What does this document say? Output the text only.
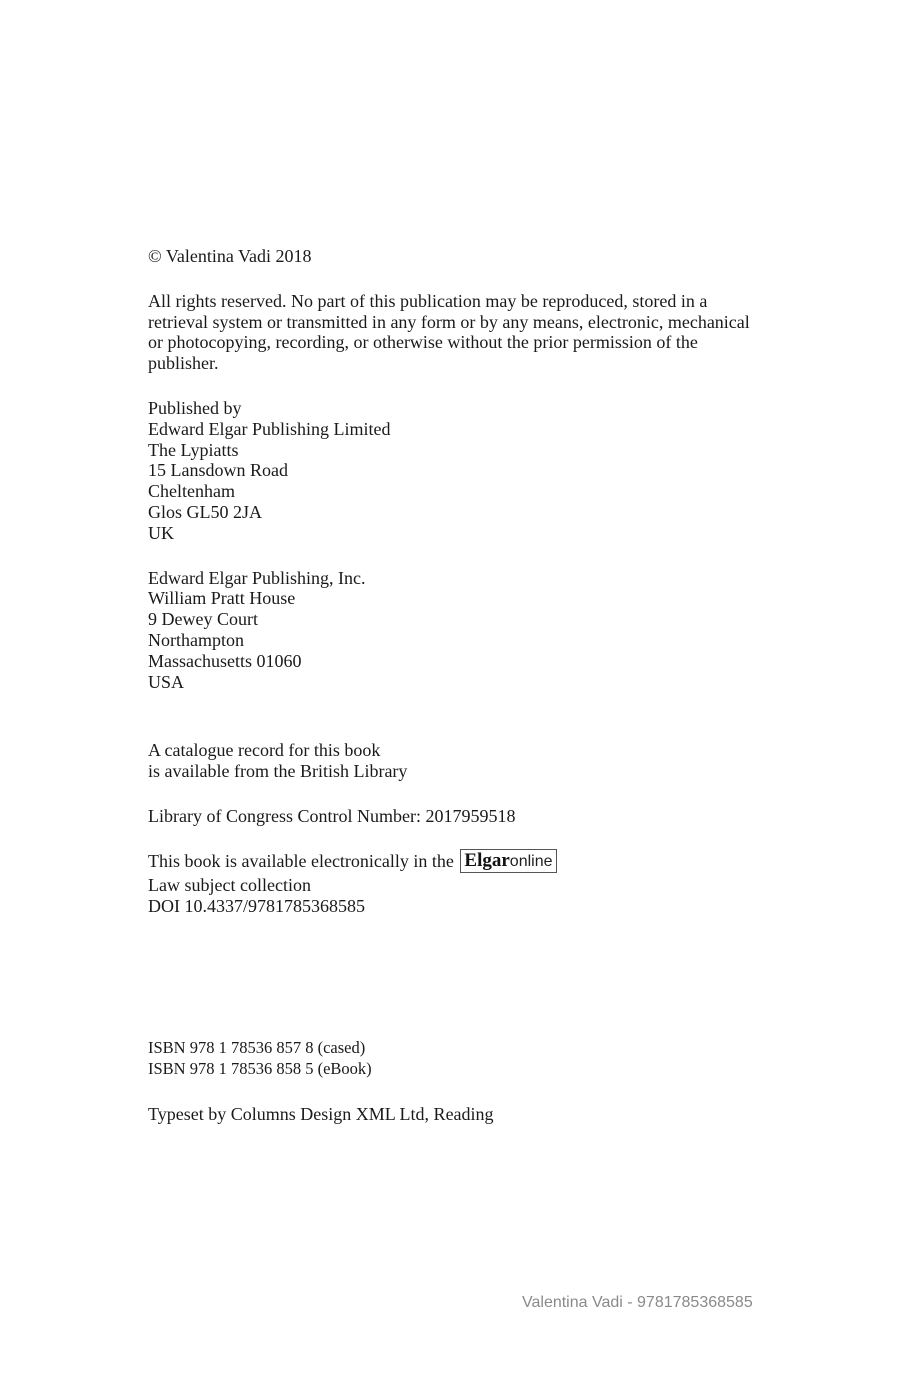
© Valentina Vadi 2018
All rights reserved. No part of this publication may be reproduced, stored in a
retrieval system or transmitted in any form or by any means, electronic, mechanical
or photocopying, recording, or otherwise without the prior permission of the
publisher.
Published by
Edward Elgar Publishing Limited
The Lypiatts
15 Lansdown Road
Cheltenham
Glos GL50 2JA
UK
Edward Elgar Publishing, Inc.
William Pratt House
9 Dewey Court
Northampton
Massachusetts 01060
USA
A catalogue record for this book
is available from the British Library
Library of Congress Control Number: 2017959518
This book is available electronically in the Elgaronline
Law subject collection
DOI 10.4337/9781785368585
ISBN 978 1 78536 857 8 (cased)
ISBN 978 1 78536 858 5 (eBook)
Typeset by Columns Design XML Ltd, Reading
Valentina Vadi - 9781785368585
